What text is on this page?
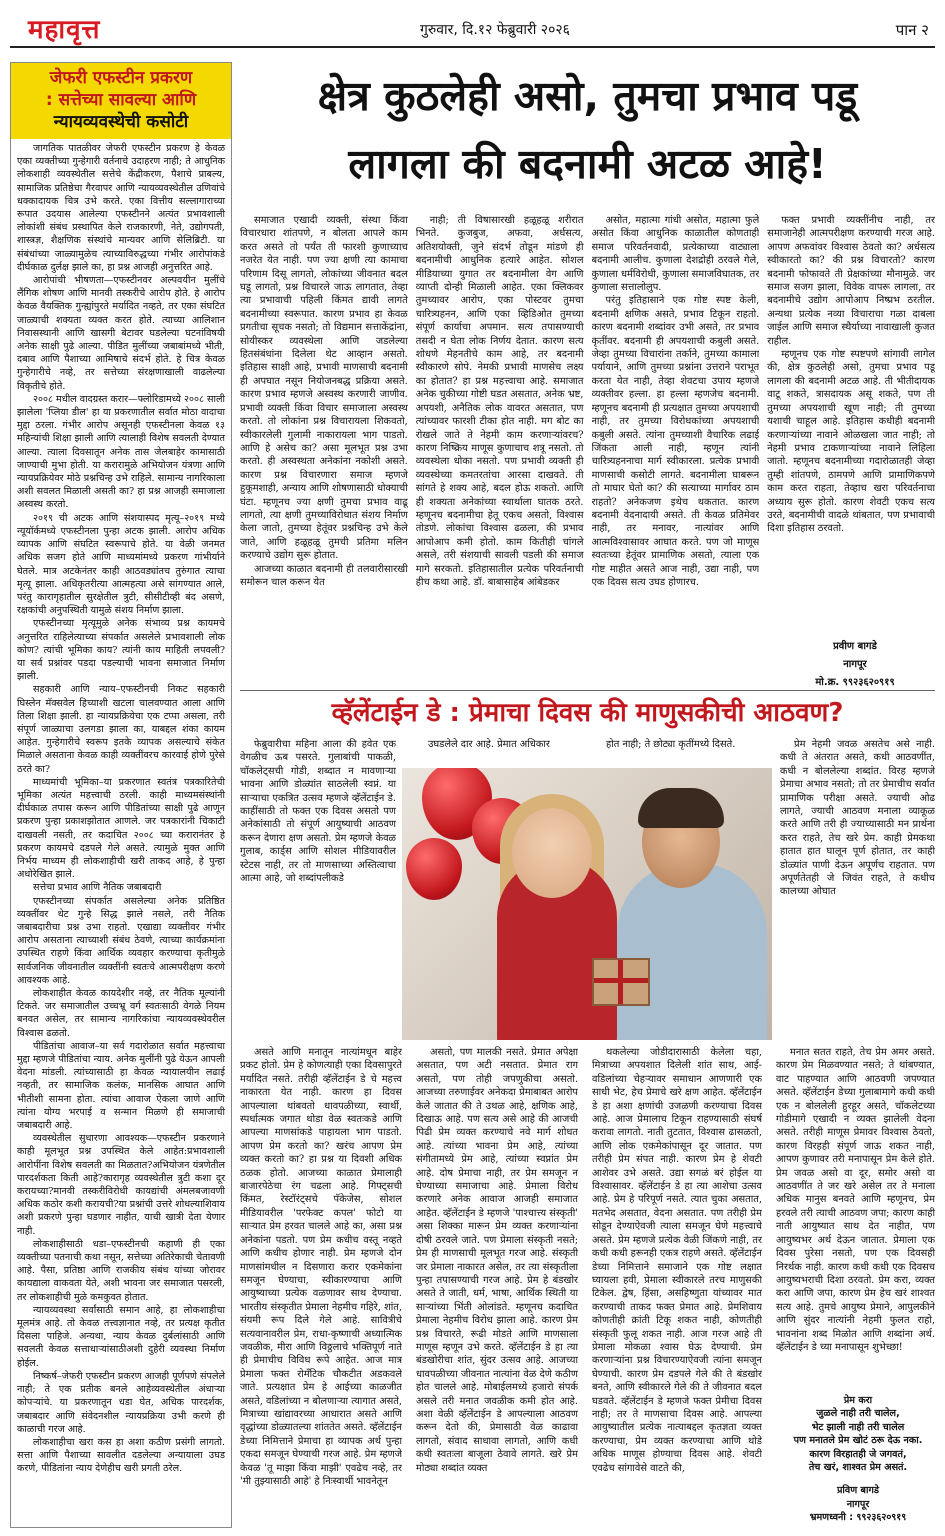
महावृत्त	गुरुवार, दि.१२ फेब्रुवारी २०२६	पान २
जेफरी एफस्टीन प्रकरण
: सत्तेच्या सावल्या आणि
न्यायव्यवस्थेची कसोटी

जागतिक पातळीवर जेफरी एफस्टीन प्रकरण हे केवळ एका व्यक्तीच्या गुन्हेगारी वर्तनाचे उदाहरण नाही; ते आधुनिक लोकशाही व्यवस्थेतील सत्तेचे केंद्रीकरण, पैशाचे प्राबल्य, सामाजिक प्रतिष्ठेचा गैरवापर आणि न्यायव्यवस्थेतील उणिवांचे धक्कादायक चित्र उभे करते. एका वित्तीय सल्लागाराच्या रूपात उदयास आलेल्या एफस्टीनने अत्यंत प्रभावशाली लोकांशी संबंध प्रस्थापित केले राजकारणी, नेते, उद्योगपती, शास्त्रज्ञ, शैक्षणिक संस्थांचे मान्यवर आणि सेलिब्रिटी. या संबंधांच्या जाळ्यामुळेच त्याच्याविरुद्धच्या गंभीर आरोपांकडे दीर्घकाळ दुर्लक्ष झाले का, हा प्रश्न आजही अनुत्तरित आहे.

आरोपांची भीषणता—एफस्टीनवर अल्पवयीन मुलींचे लैंगिक शोषण आणि मानवी तस्करीचे आरोप होते. हे आरोप केवळ वैयक्तिक गुन्ह्यांपुरते मर्यादित नव्हते, तर एका संघटित जाळ्याची शक्यता व्यक्त करत होते. त्याच्या आलिशान निवासस्थानी आणि खासगी बेटावर घडलेल्या घटनांविषयी अनेक साक्षी पुढे आल्या. पीडित मुलींच्या जबाबांमध्ये भीती, दबाव आणि पैशाच्या आमिषाचे संदर्भ होते. हे चित्र केवळ गुन्हेगारीचे नव्हे, तर सत्तेच्या संरक्षणाखाली वाढलेल्या विकृतीचे होते.

२००८ मधील वादग्रस्त करार—फ्लोरिडामध्ये २००८ साली झालेला 'प्लिया डील' हा या प्रकरणातील सर्वात मोठा वादाचा मुद्दा ठरला. गंभीर आरोप असूनही एफस्टीनला केवळ १३ महिन्यांची शिक्षा झाली आणि त्यालाही विशेष सवलती देण्यात आल्या. त्याला दिवसातून अनेक तास जेलबाहेर कामासाठी जाण्याची मुभा होती. या करारामुळे अभियोजन यंत्रणा आणि न्यायप्रक्रियेवर मोठे प्रश्नचिन्ह उभे राहिले. सामान्य नागरिकाला अशी सवलत मिळाली असती का? हा प्रश्न आजही समाजाला अस्वस्थ करतो.

२०१९ ची अटक आणि संशयास्पद मृत्यू–२०१९ मध्ये न्यूयॉर्कमध्ये एफस्टीनला पुन्हा अटक झाली. आरोप अधिक व्यापक आणि संघटित स्वरूपाचे होते. या वेळी जनमत अधिक सजग होते आणि माध्यमांमध्ये प्रकरण गांभीर्याने घेतले. मात्र अटकेनंतर काही आठवड्यांतच तुरुंगात त्याचा मृत्यू झाला. अधिकृतरीत्या आत्महत्या असे सांगण्यात आले, परंतु कारागृहातील सुरक्षेतील त्रुटी, सीसीटीव्ही बंद असणे, रक्षकांची अनुपस्थिती यामुळे संशय निर्माण झाला.

एफस्टीनच्या मृत्यूमुळे अनेक संभाव्य प्रश्न कायमचे अनुत्तरित राहिलेत्याच्या संपर्कात असलेले प्रभावशाली लोक कोण? त्यांची भूमिका काय? त्यांनी काय माहिती लपवली? या सर्व प्रश्नांवर पडदा पडल्याची भावना समाजात निर्माण झाली.

सहकारी आणि न्याय–एफस्टीनची निकट सहकारी घिस्लेन मॅक्सवेल हिच्याशी खटला चालवण्यात आला आणि तिला शिक्षा झाली. हा न्यायप्रक्रियेचा एक टप्पा असला, तरी संपूर्ण जाळ्याचा उलगडा झाला का, याबद्दल शंका कायम आहेत. गुन्हेगारीचे स्वरूप इतके व्यापक असल्याचे संकेत मिळाले असताना केवळ काही व्यक्तींवरच कारवाई होणे पुरेसे ठरते का?

माध्यमांची भूमिका–या प्रकरणात स्वतंत्र पत्रकारितेची भूमिका अत्यंत महत्त्वाची ठरली. काही माध्यमसंस्थांनी दीर्घकाळ तपास करून आणि पीडितांच्या साक्षी पुढे आणून प्रकरण पुन्हा प्रकाशझोतात आणले. जर पत्रकारांनी चिकाटी दाखवली नसती, तर कदाचित २००८ च्या करारानंतर हे प्रकरण कायमचे दडपले गेले असते. त्यामुळे मुक्त आणि निर्भय माध्यम ही लोकशाहीची खरी ताकद आहे, हे पुन्हा अधोरेखित झाले.

सत्तेचा प्रभाव आणि नैतिक जबाबदारी

एफस्टीनच्या संपर्कात असलेल्या अनेक प्रतिष्ठित व्यक्तींवर थेट गुन्हे सिद्ध झाले नसले, तरी नैतिक जबाबदारीचा प्रश्न उभा राहतो. एखाद्या व्यक्तीवर गंभीर आरोप असताना त्याच्याशी संबंध ठेवणे, त्याच्या कार्यक्रमांना उपस्थित राहणे किंवा आर्थिक व्यवहार करण्याचा कृतीमुळे सार्वजनिक जीवनातील व्यक्तींनी स्वतःचे आत्मपरीक्षण करणे आवश्यक आहे.

लोकशाहीत केवळ कायदेशीर नव्हे, तर नैतिक मूल्यांनी टिकते. जर समाजातील उच्चभ्रू वर्ग स्वतःसाठी वेगळे नियम बनवत असेल, तर सामान्य नागरिकांचा न्यायव्यवस्थेवरील विश्वास ढळतो.

पीडितांचा आवाज–या सर्व गदारोळात सर्वात महत्त्वाचा मुद्दा म्हणजे पीडितांचा न्याय. अनेक मुलींनी पुढे येऊन आपली वेदना मांडली. त्यांच्यासाठी हा केवळ न्यायालयीन लढाई नव्हती, तर सामाजिक कलंक, मानसिक आघात आणि भीतीशी सामना होता. त्यांचा आवाज ऐकला जाणे आणि त्यांना योग्य भरपाई व सन्मान मिळणे ही समाजाची जबाबदारी आहे.

व्यवस्थेतील सुधारणा आवश्यक—एफस्टीन प्रकरणाने काही मूलभूत प्रश्न उपस्थित केले आहेत:प्रभावशाली आरोपींना विशेष सवलती का मिळतात?अभियोजन यंत्रणेतील पारदर्शकता किती आहे?कारागृह व्यवस्थेतील त्रुटी कशा दूर करायच्या?मानवी तस्करीविरोधी कायद्यांची अंमलबजावणी अधिक कठोर कशी करायची?या प्रश्नांची उत्तरे शोधल्याशिवाय अशी प्रकरणे पुन्हा घडणार नाहीत, याची खात्री देता येणार नाही.

लोकशाहीसाठी धडा–एफस्टीनची कहाणी ही एका व्यक्तीच्या पतनाची कथा नसून, सत्तेच्या अतिरेकाची चेतावणी आहे. पैसा, प्रतिष्ठा आणि राजकीय संबंध यांच्या जोरावर कायद्याला वाकवता येते, अशी भावना जर समाजात पसरली, तर लोकशाहीची मुळे कमकुवत होतात.

न्यायव्यवस्था सर्वांसाठी समान आहे, हा लोकशाहीचा मूलमंत्र आहे. तो केवळ तत्त्वज्ञानात नव्हे, तर प्रत्यक्ष कृतीत दिसला पाहिजे. अन्यथा, न्याय केवळ दुर्बलांसाठी आणि सवलती केवळ सत्ताधाऱ्यांसाठीअशी दुहेरी व्यवस्था निर्माण होईल.

निष्कर्ष–जेफरी एफस्टीन प्रकरण आजही पूर्णपणे संपलेले नाही; ते एक प्रतीक बनले आहेव्यवस्थेतील अंधाऱ्या कोपऱ्यांचे. या प्रकरणातून धडा घेत, अधिक पारदर्शक, जबाबदार आणि संवेदनशील न्यायप्रक्रिया उभी करणे ही काळाची गरज आहे.

लोकशाहीचा खरा कस हा अशा कठीण प्रसंगी लागतो. सत्ता आणि पैशाच्या सावलीत दडलेल्या अन्यायाला उघड करणे, पीडितांना न्याय देणेहीच खरी प्रगती ठरेल.

क्षेत्र कुठलेही असो, तुमचा प्रभाव पडू
लागला की बदनामी अटळ आहे!

समाजात एखादी व्यक्ती, संस्था किंवा विचारधारा शांतपणे, न बोलता आपले काम करत असते तो पर्यंत ती फारशी कुणाच्याच नजरेत येत नाही. पण ज्या क्षणी त्या कामाचा परिणाम दिसू लागतो, लोकांच्या जीवनात बदल घडू लागतो, प्रश्न विचारले जाऊ लागतात, तेव्हा त्या प्रभावाची पहिली किंमत द्यावी लागते बदनामीच्या स्वरूपात. कारण प्रभाव हा केवळ प्रगतीचा सूचक नसतो; तो विद्यमान सत्ताकेंद्रांना, सोयीस्कर व्यवस्थेला आणि जडलेल्या हितसंबंधांना दिलेला थेट आव्हान असतो. इतिहास साक्षी आहे, प्रभावी माणसाची बदनामी ही अपघात नसून नियोजनबद्ध प्रक्रिया असते. कारण प्रभाव म्हणजे अस्वस्थ करणारी जाणीव. प्रभावी व्यक्ती किंवा विचार समाजाला अस्वस्थ करतो. तो लोकांना प्रश्न विचारायला शिकवतो, स्वीकारलेली गुलामी नाकारायला भाग पाडतो. आणि हे असेच का? असा मूलभूत प्रश्न उभा करतो. ही अस्वस्थता अनेकांना नकोशी असते. कारण प्रश्न विचारणारा समाज म्हणजे हुकूमशाही, अन्याय आणि शोषणासाठी धोक्याची घंटा. म्हणूनच ज्या क्षणी तुमचा प्रभाव वाढू लागतो, त्या क्षणी तुमच्याविरोधात संशय निर्माण केला जातो, तुमच्या हेतूंवर प्रश्नचिन्ह उभे केले जाते, आणि हळूहळू तुमची प्रतिमा मलिन करण्याचे उद्योग सुरू होतात.

आजच्या काळात बदनामी ही तलवारीसारखी समोरून चाल करून येत

नाही; ती विषासारखी हळूहळू शरीरात भिनते. कुजबुज, अफवा, अर्धसत्य, अतिशयोक्ती, जुने संदर्भ तोडून मांडणे ही बदनामीची आधुनिक हत्यारे आहेत. सोशल मीडियाच्या युगात तर बदनामीला वेग आणि व्याप्ती दोन्ही मिळाली आहेत. एका क्लिकवर तुमच्यावर आरोप, एका पोस्टवर तुमचा चारित्र्यहनन, आणि एका व्हिडिओत तुमच्या संपूर्ण कार्याचा अपमान. सत्य तपासण्याची तसदी न घेता लोक निर्णय देतात. कारण सत्य शोधणे मेहनतीचे काम आहे, तर बदनामी स्वीकारणे सोपे. नेमकी प्रभावी माणसेच लक्ष्य का होतात? हा प्रश्न महत्त्वाचा आहे. समाजात अनेक चुकीच्या गोष्टी घडत असतात, अनेक भ्रष्ट, अपयशी, अनैतिक लोक वावरत असतात, पण त्यांच्यावर फारशी टीका होत नाही. मग बोट का रोखले जाते ते नेहमी काम करणाऱ्यांवरच? कारण निष्क्रिय माणूस कुणाचाच शत्रू नसतो. तो व्यवस्थेला धोका नसतो. पण प्रभावी व्यक्ती ही व्यवस्थेच्या कमतरतांचा आरसा दाखवते. ती सांगते हे शक्य आहे, बदल होऊ शकतो. आणि ही शक्यता अनेकांच्या स्वार्थाला घातक ठरते. म्हणूनच बदनामीचा हेतू एकच असतो, विश्वास तोडणे. लोकांचा विश्वास ढळला, की प्रभाव आपोआप कमी होतो. काम कितीही चांगले असले, तरी संशयाची सावली पडली की समाज मागे सरकतो. इतिहासातील प्रत्येक परिवर्तनाची हीच कथा आहे. डॉ. बाबासाहेब आंबेडकर

असोत, महात्मा गांधी असोत, महात्मा फुले असोत किंवा आधुनिक काळातील कोणताही समाज परिवर्तनवादी, प्रत्येकाच्या वाट्याला बदनामी आलीच. कुणाला देशद्रोही ठरवले गेले, कुणाला धर्मविरोधी, कुणाला समाजविघातक, तर कुणाला सत्तालोलुप.

परंतु इतिहासाने एक गोष्ट स्पष्ट केली, बदनामी क्षणिक असते, प्रभाव टिकून राहतो. कारण बदनामी शब्दांवर उभी असते, तर प्रभाव कृतींवर. बदनामी ही अपयशाची कबुली असते. जेव्हा तुमच्या विचारांना तर्काने, तुमच्या कामाला पर्यायाने, आणि तुमच्या प्रश्नांना उत्तराने पराभूत करता येत नाही, तेव्हा शेवटचा उपाय म्हणजे व्यक्तीवर हल्ला. हा हल्ला म्हणजेच बदनामी. म्हणूनच बदनामी ही प्रत्यक्षात तुमच्या अपयशाची नाही, तर तुमच्या विरोधकांच्या अपयशाची कबुली असते. त्यांना तुमच्याशी वैचारिक लढाई जिंकता आली नाही, म्हणून त्यांनी चारित्र्यहननाचा मार्ग स्वीकारला. प्रत्येक प्रभावी माणसाची कसोटी लागते. बदनामीला घाबरून तो माघार घेतो का? की सत्याच्या मार्गावर ठाम राहतो? अनेकजण इथेच थकतात. कारण बदनामी वेदनादायी असते. ती केवळ प्रतिमेवर नाही, तर मनावर, नात्यांवर आणि आत्मविश्वासावर आघात करते. पण जो माणूस स्वतःच्या हेतूंवर प्रामाणिक असतो, त्याला एक गोष्ट माहीत असते आज नाही, उद्या नाही, पण एक दिवस सत्य उघड होणारच.

फक्त प्रभावी व्यक्तींनीच नाही, तर समाजानेही आत्मपरीक्षण करण्याची गरज आहे. आपण अफवांवर विश्वास ठेवतो का? अर्धसत्य स्वीकारतो का? की प्रश्न विचारतो? कारण बदनामी फोफावते ती प्रेक्षकांच्या मौनामुळे. जर समाज सजग झाला, विवेक वापरू लागला, तर बदनामीचे उद्योग आपोआप निष्प्रभ ठरतील. अन्यथा प्रत्येक नव्या विचाराचा गळा दाबला जाईल आणि समाज स्थैर्याच्या नावाखाली कुजत राहील.

म्हणूनच एक गोष्ट स्पष्टपणे सांगावी लागेल की, क्षेत्र कुठलेही असो, तुमचा प्रभाव पडू लागला की बदनामी अटळ आहे. ती भीतीदायक वाटू शकते, त्रासदायक असू शकते, पण ती तुमच्या अपयशाची खूण नाही; ती तुमच्या यशाची चाहूल आहे. इतिहास कधीही बदनामी करणाऱ्यांच्या नावाने ओळखला जात नाही; तो नेहमी प्रभाव टाकणाऱ्यांच्या नावाने लिहिला जातो. म्हणूनच बदनामीच्या गदारोळातही जेव्हा तुम्ही शांतपणे, ठामपणे आणि प्रामाणिकपणे काम करत राहता, तेव्हाच खरा परिवर्तनाचा अध्याय सुरू होतो. कारण शेवटी एकच सत्य उरते, बदनामीची वादळे थांबतात, पण प्रभावाची दिशा इतिहास ठरवतो.

प्रवीण बागडे
नागपूर
मो.क्र. ९९२३६२०९१९
व्हॅलेंटाईन डे : प्रेमाचा दिवस की माणुसकीची आठवण?

फेब्रुवारीचा महिना आला की हवेत एक वेगळीच ऊब पसरते. गुलाबांची पाकळी, चॉकलेट्सची गोडी, शब्दात न मावणाऱ्या भावना आणि डोळ्यांत साठलेली स्वप्नं. या साऱ्याचा एकत्रित उत्सव म्हणजे व्हॅलेंटाईन डे. काहींसाठी तो फक्त एक दिवस असतो पण अनेकांसाठी तो संपूर्ण आयुष्याची आठवण करून देणारा क्षण असतो. प्रेम म्हणजे केवळ गुलाब, कार्ड्स आणि सोशल मीडियावरील स्टेटस नाही, तर तो माणसाच्या अस्तित्वाचा आत्मा आहे, जो शब्दांपलीकडे

उघडलेले दार आहे. प्रेमात अधिकार	होत नाही; ते छोट्या कृतींमध्ये दिसते.	प्रेम नेहमी जवळ असतेच असे नाही. कधी ते अंतरात असते, कधी आठवणींत, कधी न बोललेल्या शब्दांत. विरह म्हणजे प्रेमाचा अभाव नसतो; तो तर प्रेमाचीच सर्वात प्रामाणिक परीक्षा असते. ज्याची ओढ लागते, ज्याची आठवण मनाला व्याकूळ करते आणि तरी ही ज्याच्यासाठी मन प्रार्थना करत राहते, तेच खरे प्रेम. काही प्रेमकथा हातात हात घालून पूर्ण होतात, तर काही डोळ्यांत पाणी देऊन अपूर्णच राहतात. पण अपूर्णतेतही जे जिवंत राहते, ते कधीच कालच्या ओघात

असते आणि मनातून नात्यांमधून बाहेर प्रकट होतो. प्रेम हे कोणत्याही एका दिवसापुरते मर्यादित नसते. तरीही व्हॅलेंटाईन डे चे महत्त्व नाकारता येत नाही. कारण हा दिवस आपल्याला थांबवतो धावपळीच्या, स्वार्थी, स्पर्धात्मक जगात थोडा वेळ स्वतःकडे आणि आपल्या माणसांकडे पाहायला भाग पाडतो. आपण प्रेम करतो का? खरंच आपण प्रेम व्यक्त करतो का? हा प्रश्न या दिवशी अधिक ठळक होतो. आजच्या काळात प्रेमालाही बाजारपेठेचा रंग चढला आहे. गिफ्ट्सची किंमत, रेस्टॉरंट्सचे पॅकेजेस, सोशल मीडियावरील 'परफेक्ट कपल' फोटो या साऱ्यात प्रेम हरवत चालले आहे का, असा प्रश्न अनेकांना पडतो. पण प्रेम कधीच वस्तू नव्हते आणि कधीच होणार नाही. प्रेम म्हणजे दोन माणसांमधील न दिसणारा करार एकमेकांना समजून घेण्याचा, स्वीकारण्याचा आणि आयुष्याच्या प्रत्येक वळणावर साथ देण्याचा. भारतीय संस्कृतीत प्रेमाला नेहमीच गहिरे, शांत, संयमी रूप दिले गेले आहे. सावित्रीचे सत्यवानावरील प्रेम, राधा-कृष्णाची अध्यात्मिक जवळीक, मीरा आणि विठ्ठलाचे भक्तिपूर्ण नाते ही प्रेमाचीच विविध रूपे आहेत. आज मात्र प्रेमाला फक्त रोमॅंटिक चौकटीत अडकवले जाते. प्रत्यक्षात प्रेम हे आईच्या काळजीत असते, वडिलांच्या न बोलणाऱ्या त्यागात असते, मित्राच्या खांद्यावरच्या आधारात असते आणि वृद्धांच्या डोळ्यातल्या शांततेत असते. व्हॅलेंटाईन डेच्या निमित्ताने प्रेमाचा हा व्यापक अर्थ पुन्हा एकदा समजून घेण्याची गरज आहे. प्रेम म्हणजे केवळ 'तू माझा किंवा माझी' एवढेच नव्हे, तर 'मी तुझ्यासाठी आहे' हे निःस्वार्थी भावनेतून

असतो, पण मालकी नसते. प्रेमात अपेक्षा असतात, पण अटी नसतात. प्रेमात राग असतो, पण तोही जपणुकीचा असतो. आजच्या तरुणाईवर अनेकदा प्रेमाबाबत आरोप केले जातात की ते उथळ आहे, क्षणिक आहे, दिखाऊ आहे. पण सत्य असे आहे की आजची पिढी प्रेम व्यक्त करण्याचे नवे मार्ग शोधत आहे. त्यांच्या भावना प्रेम आहे, त्यांच्या संगीतामध्ये प्रेम आहे, त्यांच्या स्वप्नांत प्रेम आहे. दोष प्रेमाचा नाही, तर प्रेम समजून न घेण्याच्या समाजाचा आहे. प्रेमाला विरोध करणारे अनेक आवाज आजही समाजात आहेत. व्हॅलेंटाईन डे म्हणजे 'पाश्चात्त्य संस्कृती' असा शिक्का मारून प्रेम व्यक्त करणाऱ्यांना दोषी ठरवले जाते. पण प्रेमाला संस्कृती नसते; प्रेम ही माणसाची मूलभूत गरज आहे. संस्कृती जर प्रेमाला नाकारत असेल, तर त्या संस्कृतीला पुन्हा तपासण्याची गरज आहे. प्रेम हे बंडखोर असते ते जाती, धर्म, भाषा, आर्थिक स्थिती या साऱ्यांच्या भिंती ओलांडते. म्हणूनच कदाचित प्रेमाला नेहमीच विरोध झाला आहे. कारण प्रेम प्रश्न विचारते, रूढी मोडते आणि माणसाला माणूस म्हणून उभे करते. व्हॅलेंटाईन डे हा त्या बंडखोरीचा शांत, सुंदर उत्सव आहे. आजच्या धावपळीच्या जीवनात नात्यांना वेळ देणे कठीण होत चालले आहे. मोबाईलमध्ये हजारो संपर्क असले तरी मनात जवळीक कमी होत आहे. अशा वेळी व्हॅलेंटाईन डे आपल्याला आठवण करून देतो की, प्रेमासाठी वेळ काढावा लागतो, संवाद साधावा लागतो, आणि कधी कधी स्वतःला बाजूला ठेवावे लागते. खरे प्रेम मोठ्या शब्दांत व्यक्त

थकलेल्या जोडीदारासाठी केलेला चहा, मित्राच्या अपयशात दिलेली शांत साथ, आई-वडिलांच्या चेहऱ्यावर समाधान आणणारी एक साधी भेट, हेच प्रेमाचे खरे क्षण आहेत. व्हॅलेंटाईन डे हा अशा क्षणांची उजळणी करण्याचा दिवस आहे. आज प्रेमालाच टिकून राहण्यासाठी संघर्ष करावा लागतो. नाती तुटतात, विश्वास ढासळतो, आणि लोक एकमेकांपासून दूर जातात. पण तरीही प्रेम संपत नाही. कारण प्रेम हे शेवटी आशेवर उभे असते. उद्या सगळं बरं होईल या विश्वासावर. व्हॅलेंटाईन डे हा त्या आशेचा उत्सव आहे. प्रेम हे परिपूर्ण नसते. त्यात चुका असतात, मतभेद असतात, वेदना असतात. पण तरीही प्रेम सोडून देण्याऐवजी त्याला समजून घेणे महत्त्वाचे असते. प्रेम म्हणजे प्रत्येक वेळी जिंकणे नाही, तर कधी कधी हरूनही एकत्र राहणे असते. व्हॅलेंटाईन डेच्या निमित्ताने समाजाने एक गोष्ट लक्षात घ्यायला हवी, प्रेमाला स्वीकारले तरच माणुसकी टिकेल. द्वेष, हिंसा, असहिष्णुता यांच्यावर मात करण्याची ताकद फक्त प्रेमात आहे. प्रेमशिवाय कोणतीही क्रांती टिकू शकत नाही, कोणतीही संस्कृती फुलू शकत नाही. आज गरज आहे ती प्रेमाला मोकळा श्वास घेऊ देण्याची. प्रेम करणाऱ्यांना प्रश्न विचारण्याऐवजी त्यांना समजून घेण्याची. कारण प्रेम दडपले गेले की ते बंडखोर बनते, आणि स्वीकारले गेले की ते जीवनात बदल घडवते. व्हॅलेंटाईन डे म्हणजे फक्त प्रेमीचा दिवस नाही; तर ते माणसाचा दिवस आहे. आपल्या आयुष्यातील प्रत्येक नात्याबद्दल कृतज्ञता व्यक्त करण्याचा, प्रेम व्यक्त करण्याचा आणि थोडे अधिक माणूस होण्याचा दिवस आहे. शेवटी एवढेच सांगावेसे वाटते की,

मनात सतत राहते, तेच प्रेम अमर असते. कारण प्रेम मिळवण्यात नसते; ते थांबण्यात, वाट पाहण्यात आणि आठवणी जपण्यात असते. व्हॅलेंटाईन डेच्या गुलाबामागे कधी कधी एक न बोललेली हुरहूर असते, चॉकलेटच्या गोडीमागे एखादी न व्यक्त झालेली वेदना असते. तरीही माणूस प्रेमावर विश्वास ठेवतो, कारण विरहही संपूर्ण जाऊ शकत नाही, आपण कुणावर तरी मनापासून प्रेम केले होते. प्रेम जवळ असो वा दूर, समोर असो वा आठवणींत ते जर खरे असेल तर ते मनाला अधिक मानुस बनवते आणि म्हणूनच, प्रेम हरवले तरी त्याची आठवण जपा; कारण काही नाती आयुष्यात साथ देत नाहीत, पण आयुष्यभर अर्थ देऊन जातात. प्रेमाला एक दिवस पुरेसा नसतो, पण एक दिवसही निरर्थक नाही. कारण कधी कधी एक दिवसच आयुष्यभराची दिशा ठरवतो. प्रेम करा, व्यक्त करा आणि जपा, कारण प्रेम हेच खरं शाश्वत सत्य आहे. तुमचे आयुष्य प्रेमाने, आपुलकीने आणि सुंदर नात्यांनी नेहमी फुलत राहो, भावनांना शब्द मिळोत आणि शब्दांना अर्थ. व्हॅलेंटाईन डे च्या मनापासून शुभेच्छा!

प्रेम करा
जुळले नाही तरी चालेल,
भेट झाली नाही तरी चालेल
पण मनातले प्रेम खोटं ठरू देऊ नका.
कारण विरहातही जे जगवतं,
तेच खरं, शाश्वत प्रेम असतं.
प्रविण बागडे
नागपूर
भ्रमणध्वनी : ९९२३६२०९१९
